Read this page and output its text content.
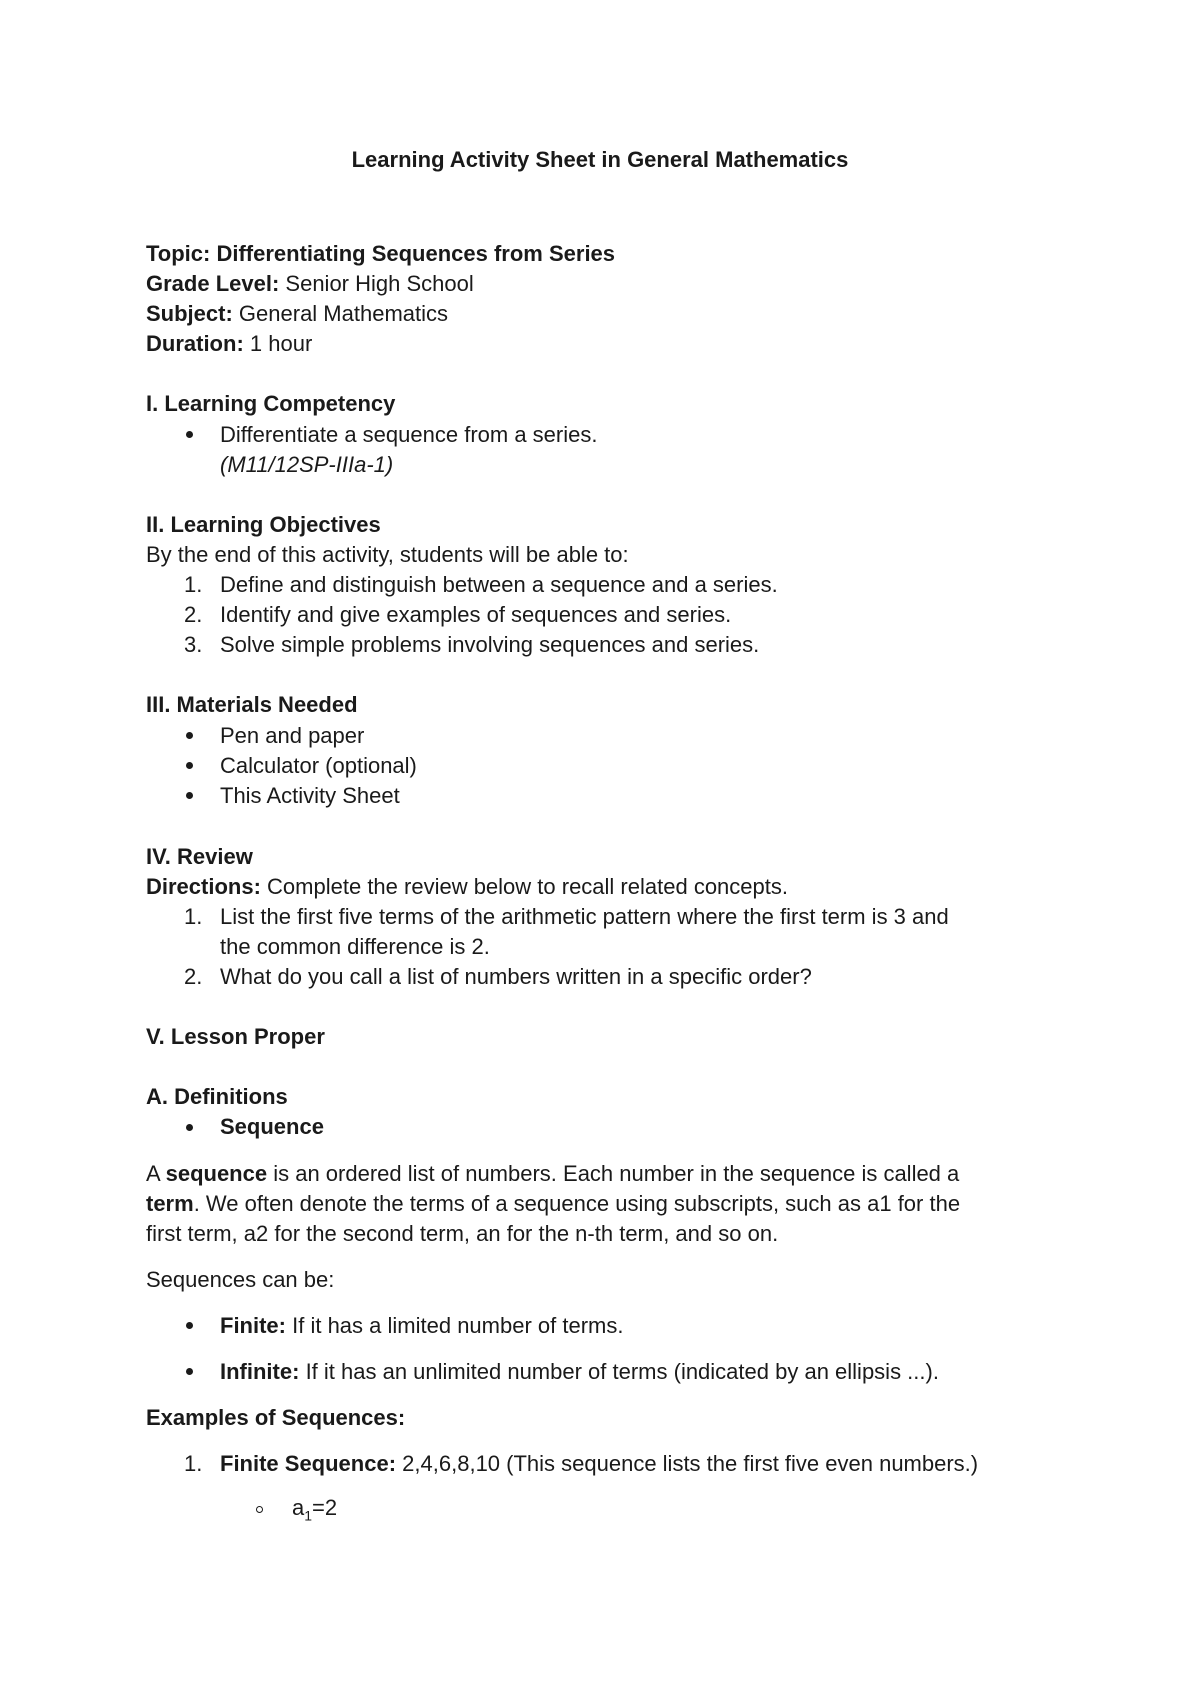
Learning Activity Sheet in General Mathematics
Topic: Differentiating Sequences from Series
Grade Level: Senior High School
Subject: General Mathematics
Duration: 1 hour
I. Learning Competency
Differentiate a sequence from a series.
(M11/12SP-IIIa-1)
II. Learning Objectives
By the end of this activity, students will be able to:
1. Define and distinguish between a sequence and a series.
2. Identify and give examples of sequences and series.
3. Solve simple problems involving sequences and series.
III. Materials Needed
Pen and paper
Calculator (optional)
This Activity Sheet
IV. Review
Directions: Complete the review below to recall related concepts.
1. List the first five terms of the arithmetic pattern where the first term is 3 and
the common difference is 2.
2. What do you call a list of numbers written in a specific order?
V. Lesson Proper
A. Definitions
Sequence
A sequence is an ordered list of numbers. Each number in the sequence is called a
term. We often denote the terms of a sequence using subscripts, such as a1 for the
first term, a2 for the second term, an for the n-th term, and so on.
Sequences can be:
Finite: If it has a limited number of terms.
Infinite: If it has an unlimited number of terms (indicated by an ellipsis ...).
Examples of Sequences:
1. Finite Sequence: 2,4,6,8,10 (This sequence lists the first five even numbers.)
$a_1=2$
